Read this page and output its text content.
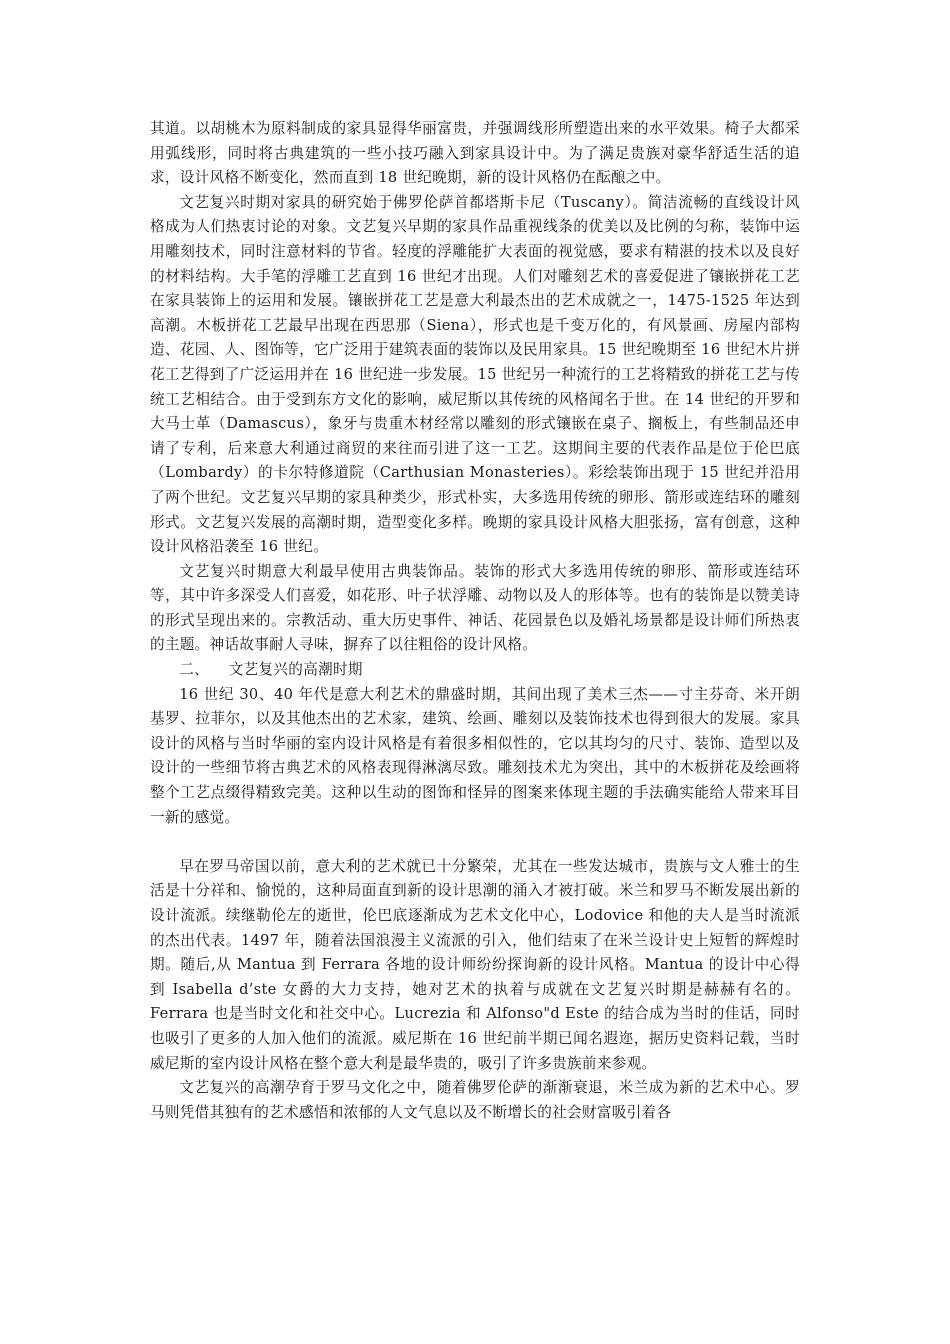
其道。以胡桃木为原料制成的家具显得华丽富贵，并强调线形所塑造出来的水平效果。椅子大都采用弧线形，同时将古典建筑的一些小技巧融入到家具设计中。为了满足贵族对豪华舒适生活的追求，设计风格不断变化，然而直到 18 世纪晚期，新的设计风格仍在酝酿之中。

文艺复兴时期对家具的研究始于佛罗伦萨首都塔斯卡尼（Tuscany）。简洁流畅的直线设计风格成为人们热衷讨论的对象。文艺复兴早期的家具作品重视线条的优美以及比例的匀称，装饰中运用雕刻技术，同时注意材料的节省。轻度的浮雕能扩大表面的视觉感，要求有精湛的技术以及良好的材料结构。大手笔的浮雕工艺直到 16 世纪才出现。人们对雕刻艺术的喜爱促进了镶嵌拼花工艺在家具装饰上的运用和发展。镶嵌拼花工艺是意大利最杰出的艺术成就之一，1475-1525 年达到高潮。木板拼花工艺最早出现在西思那（Siena），形式也是千变万化的，有风景画、房屋内部构造、花园、人、图饰等，它广泛用于建筑表面的装饰以及民用家具。15 世纪晚期至 16 世纪木片拼花工艺得到了广泛运用并在 16 世纪进一步发展。15 世纪另一种流行的工艺将精致的拼花工艺与传统工艺相结合。由于受到东方文化的影响，威尼斯以其传统的风格闻名于世。在 14 世纪的开罗和大马士革（Damascus），象牙与贵重木材经常以雕刻的形式镶嵌在桌子、搁板上，有些制品还申请了专利，后来意大利通过商贸的来往而引进了这一工艺。这期间主要的代表作品是位于伦巴底（Lombardy）的卡尔特修道院（Carthusian Monasteries）。彩绘装饰出现于 15 世纪并沿用了两个世纪。文艺复兴早期的家具种类少，形式朴实，大多选用传统的卵形、箭形或连结环的雕刻形式。文艺复兴发展的高潮时期，造型变化多样。晚期的家具设计风格大胆张扬，富有创意，这种设计风格沿袭至 16 世纪。

文艺复兴时期意大利最早使用古典装饰品。装饰的形式大多选用传统的卵形、箭形或连结环等，其中许多深受人们喜爱，如花形、叶子状浮雕、动物以及人的形体等。也有的装饰是以赞美诗的形式呈现出来的。宗教活动、重大历史事件、神话、花园景色以及婚礼场景都是设计师们所热衷的主题。神话故事耐人寻味，摒弃了以往粗俗的设计风格。

二、    文艺复兴的高潮时期

16 世纪 30、40 年代是意大利艺术的鼎盛时期，其间出现了美术三杰——寸主芬奇、米开朗基罗、拉菲尔，以及其他杰出的艺术家，建筑、绘画、雕刻以及装饰技术也得到很大的发展。家具设计的风格与当时华丽的室内设计风格是有着很多相似性的，它以其均匀的尺寸、装饰、造型以及设计的一些细节将古典艺术的风格表现得淋漓尽致。雕刻技术尤为突出，其中的木板拼花及绘画将整个工艺点缀得精致完美。这种以生动的图饰和怪异的图案来体现主题的手法确实能给人带来耳目一新的感觉。

早在罗马帝国以前，意大利的艺术就已十分繁荣，尤其在一些发达城市，贵族与文人雅士的生活是十分祥和、愉悦的，这种局面直到新的设计思潮的涌入才被打破。米兰和罗马不断发展出新的设计流派。续继勒伦左的逝世，伦巴底逐渐成为艺术文化中心，Lodovice 和他的夫人是当时流派的杰出代表。1497 年，随着法国浪漫主义流派的引入，他们结束了在米兰设计史上短暂的辉煌时期。随后,从 Mantua 到 Ferrara 各地的设计师纷纷探询新的设计风格。Mantua 的设计中心得到 Isabella d’ste 女爵的大力支持，她对艺术的执着与成就在文艺复兴时期是赫赫有名的。Ferrara 也是当时文化和社交中心。Lucrezia 和 Alfonso"d Este 的结合成为当时的佳话，同时也吸引了更多的人加入他们的流派。威尼斯在 16 世纪前半期已闻名遐迩，据历史资料记载，当时威尼斯的室内设计风格在整个意大利是最华贵的，吸引了许多贵族前来参观。

文艺复兴的高潮孕育于罗马文化之中，随着佛罗伦萨的渐渐衰退，米兰成为新的艺术中心。罗马则凭借其独有的艺术感悟和浓郁的人文气息以及不断增长的社会财富吸引着各
